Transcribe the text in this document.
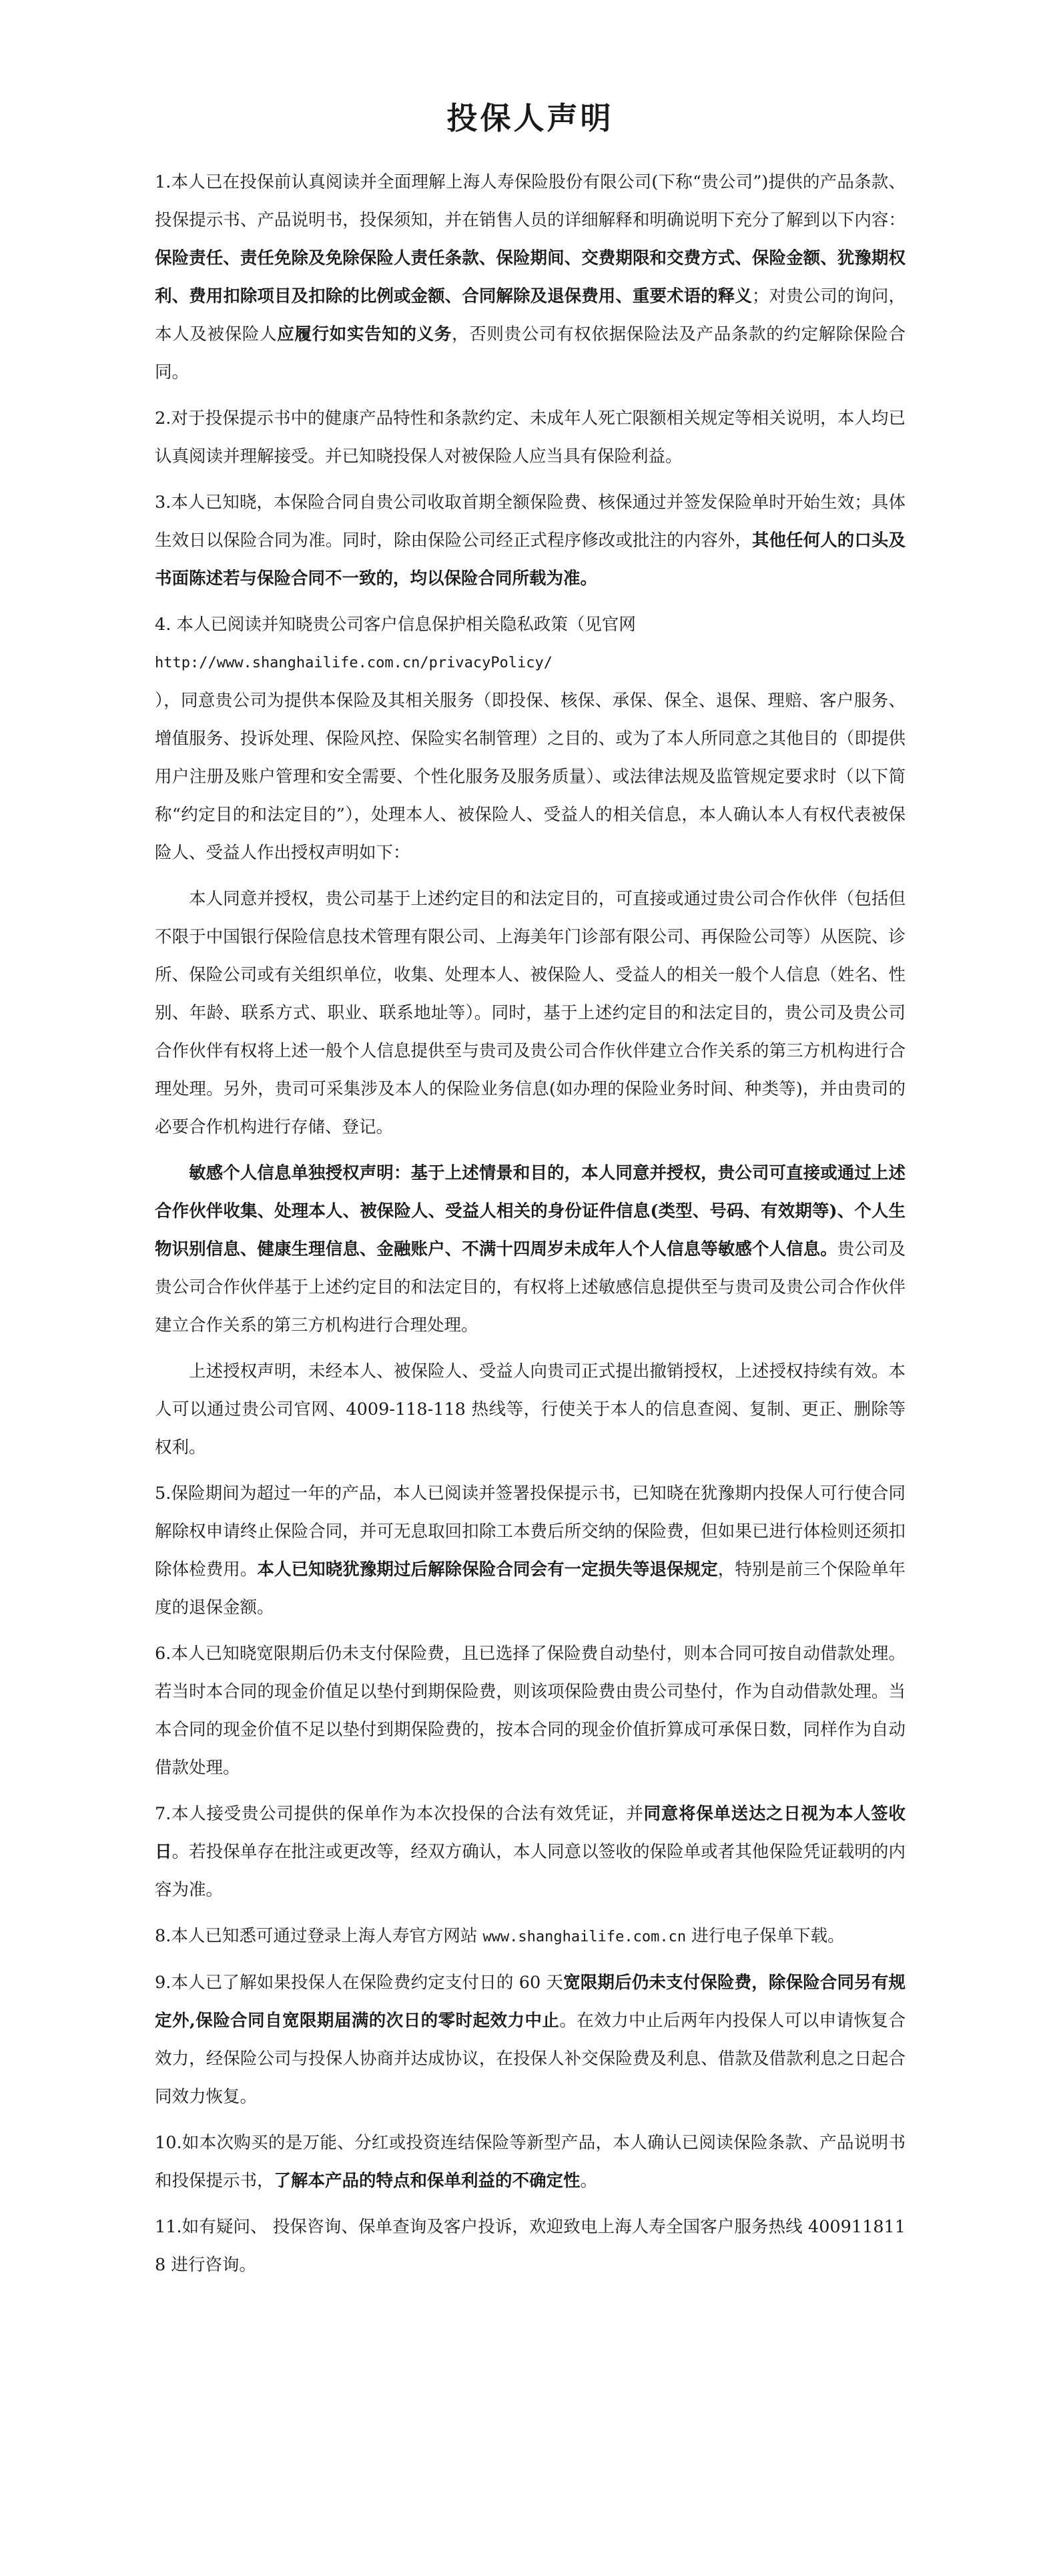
投保人声明

1.本人已在投保前认真阅读并全面理解上海人寿保险股份有限公司(下称“贵公司”)提供的产品条款、投保提示书、产品说明书，投保须知，并在销售人员的详细解释和明确说明下充分了解到以下内容：保险责任、责任免除及免除保险人责任条款、保险期间、交费期限和交费方式、保险金额、犹豫期权利、费用扣除项目及扣除的比例或金额、合同解除及退保费用、重要术语的释义；对贵公司的询问，本人及被保险人应履行如实告知的义务，否则贵公司有权依据保险法及产品条款的约定解除保险合同。

2.对于投保提示书中的健康产品特性和条款约定、未成年人死亡限额相关规定等相关说明，本人均已认真阅读并理解接受。并已知晓投保人对被保险人应当具有保险利益。

3.本人已知晓，本保险合同自贵公司收取首期全额保险费、核保通过并签发保险单时开始生效；具体生效日以保险合同为准。同时，除由保险公司经正式程序修改或批注的内容外，其他任何人的口头及书面陈述若与保险合同不一致的，均以保险合同所载为准。

4. 本人已阅读并知晓贵公司客户信息保护相关隐私政策（见官网
http://www.shanghailife.com.cn/privacyPolicy/
），同意贵公司为提供本保险及其相关服务（即投保、核保、承保、保全、退保、理赔、客户服务、增值服务、投诉处理、保险风控、保险实名制管理）之目的、或为了本人所同意之其他目的（即提供用户注册及账户管理和安全需要、个性化服务及服务质量）、或法律法规及监管规定要求时（以下简称“约定目的和法定目的”），处理本人、被保险人、受益人的相关信息，本人确认本人有权代表被保险人、受益人作出授权声明如下：

本人同意并授权，贵公司基于上述约定目的和法定目的，可直接或通过贵公司合作伙伴（包括但不限于中国银行保险信息技术管理有限公司、上海美年门诊部有限公司、再保险公司等）从医院、诊所、保险公司或有关组织单位，收集、处理本人、被保险人、受益人的相关一般个人信息（姓名、性别、年龄、联系方式、职业、联系地址等）。同时，基于上述约定目的和法定目的，贵公司及贵公司合作伙伴有权将上述一般个人信息提供至与贵司及贵公司合作伙伴建立合作关系的第三方机构进行合理处理。另外，贵司可采集涉及本人的保险业务信息(如办理的保险业务时间、种类等)，并由贵司的必要合作机构进行存储、登记。

敏感个人信息单独授权声明：基于上述情景和目的，本人同意并授权，贵公司可直接或通过上述合作伙伴收集、处理本人、被保险人、受益人相关的身份证件信息(类型、号码、有效期等)、个人生物识别信息、健康生理信息、金融账户、不满十四周岁未成年人个人信息等敏感个人信息。贵公司及贵公司合作伙伴基于上述约定目的和法定目的，有权将上述敏感信息提供至与贵司及贵公司合作伙伴建立合作关系的第三方机构进行合理处理。

上述授权声明，未经本人、被保险人、受益人向贵司正式提出撤销授权，上述授权持续有效。本人可以通过贵公司官网、4009-118-118 热线等，行使关于本人的信息查阅、复制、更正、删除等权利。

5.保险期间为超过一年的产品，本人已阅读并签署投保提示书，已知晓在犹豫期内投保人可行使合同解除权申请终止保险合同，并可无息取回扣除工本费后所交纳的保险费，但如果已进行体检则还须扣除体检费用。本人已知晓犹豫期过后解除保险合同会有一定损失等退保规定，特别是前三个保险单年度的退保金额。

6.本人已知晓宽限期后仍未支付保险费，且已选择了保险费自动垫付，则本合同可按自动借款处理。若当时本合同的现金价值足以垫付到期保险费，则该项保险费由贵公司垫付，作为自动借款处理。当本合同的现金价值不足以垫付到期保险费的，按本合同的现金价值折算成可承保日数，同样作为自动借款处理。

7.本人接受贵公司提供的保单作为本次投保的合法有效凭证，并同意将保单送达之日视为本人签收日。若投保单存在批注或更改等，经双方确认，本人同意以签收的保险单或者其他保险凭证载明的内容为准。

8.本人已知悉可通过登录上海人寿官方网站 www.shanghailife.com.cn 进行电子保单下载。

9.本人已了解如果投保人在保险费约定支付日的 60 天宽限期后仍未支付保险费，除保险合同另有规定外,保险合同自宽限期届满的次日的零时起效力中止。在效力中止后两年内投保人可以申请恢复合效力，经保险公司与投保人协商并达成协议，在投保人补交保险费及利息、借款及借款利息之日起合同效力恢复。

10.如本次购买的是万能、分红或投资连结保险等新型产品，本人确认已阅读保险条款、产品说明书和投保提示书，了解本产品的特点和保单利益的不确定性。

11.如有疑问、 投保咨询、保单查询及客户投诉，欢迎致电上海人寿全国客户服务热线 4009118118 进行咨询。
